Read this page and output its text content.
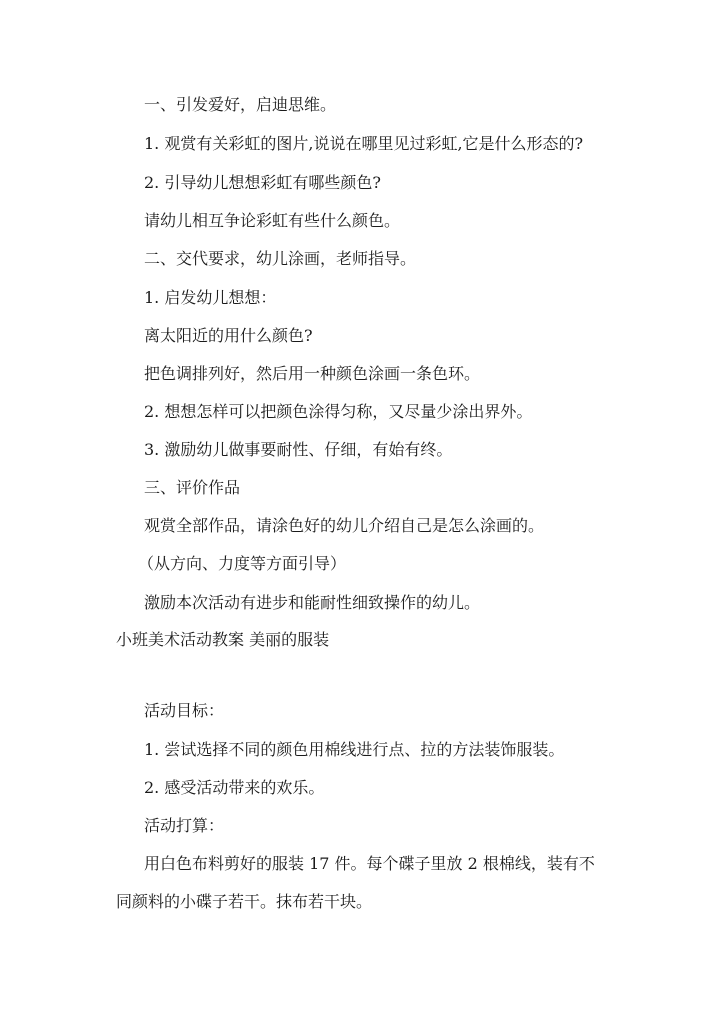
一、引发爱好，启迪思维。
1. 观赏有关彩虹的图片,说说在哪里见过彩虹,它是什么形态的?
2. 引导幼儿想想彩虹有哪些颜色?
请幼儿相互争论彩虹有些什么颜色。
二、交代要求，幼儿涂画，老师指导。
1. 启发幼儿想想：
离太阳近的用什么颜色?
把色调排列好，然后用一种颜色涂画一条色环。
2. 想想怎样可以把颜色涂得匀称，又尽量少涂出界外。
3. 激励幼儿做事要耐性、仔细，有始有终。
三、评价作品
观赏全部作品，请涂色好的幼儿介绍自己是怎么涂画的。
（从方向、力度等方面引导）
激励本次活动有进步和能耐性细致操作的幼儿。
小班美术活动教案 美丽的服装
活动目标：
1. 尝试选择不同的颜色用棉线进行点、拉的方法装饰服装。
2. 感受活动带来的欢乐。
活动打算：
用白色布料剪好的服装 17 件。每个碟子里放 2 根棉线，装有不
同颜料的小碟子若干。抹布若干块。
